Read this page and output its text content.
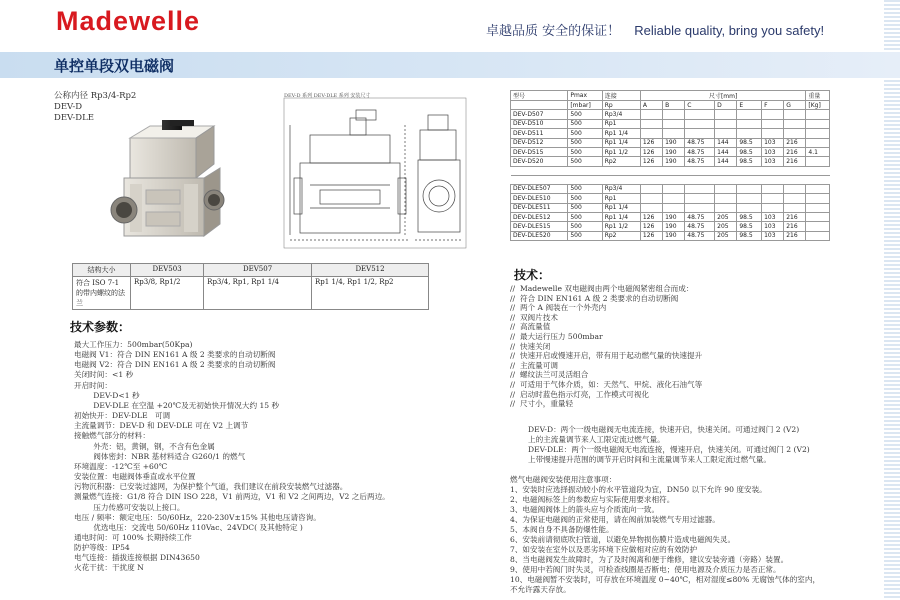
Madewelle	卓越品质 安全的保证！ Reliable quality, bring you safety!
单控单段双电磁阀
公称内径 Rp3/4-Rp2
DEV-D
DEV-DLE
DEV-D 系列 DEV-DLE 系列 安装尺寸
结构大小	DEV503	DEV507	DEV512
符合 ISO 7-1 的带内螺纹的法兰	Rp3/8, Rp1/2	Rp3/4, Rp1, Rp1 1/4	Rp1 1/4, Rp1 1/2, Rp2
型号	Pmax	连接	尺寸[mm]							重量
	[mbar]	Rp	A	B	C	D	E	F	G	[Kg]
DEV-D507	500	Rp3/4								
DEV-D510	500	Rp1								
DEV-D511	500	Rp1 1/4								
DEV-D512	500	Rp1 1/4	126	190	48.75	144	98.5	103	216	
DEV-D515	500	Rp1 1/2	126	190	48.75	144	98.5	103	216	4.1
DEV-D520	500	Rp2	126	190	48.75	144	98.5	103	216	

DEV-DLE507	500	Rp3/4								
DEV-DLE510	500	Rp1								
DEV-DLE511	500	Rp1 1/4								
DEV-DLE512	500	Rp1 1/4	126	190	48.75	205	98.5	103	216	
DEV-DLE515	500	Rp1 1/2	126	190	48.75	205	98.5	103	216	
DEV-DLE520	500	Rp2	126	190	48.75	205	98.5	103	216	
技术参数：
最大工作压力：500mbar(50Kpa)
电磁阀 V1：符合 DIN EN161 A 级 2 类要求的自动切断阀
电磁阀 V2：符合 DIN EN161 A 级 2 类要求的自动切断阀
关闭时间：<1 秒
开启时间：
DEV-D<1 秒
DEV-DLE 在空温 +20℃及无初始快开情况大约 15 秒
初始快开：DEV-DLE   可调
主流量调节：DEV-D 和 DEV-DLE 可在 V2 上调节
接触燃气部分的材料：
外壳：铝，黄铜，钢，不含有色金属
阀体密封：NBR 基材料适合 G260/1 的燃气
环境温度：-12℃至 +60℃
安装位置：电磁阀体垂直或水平位置
污物沉积器：已安装过滤网，为保护整个气道，我们建议在前段安装燃气过滤器。
测量燃气连接：G1/8 符合 DIN ISO 228，V1 前两边，V1 和 V2 之间两边，V2 之后两边。
压力传感可安装以上接口。
电压 / 频率：额定电压：50/60Hz，220-230V±15% 其他电压请咨询。
优选电压：交流电 50/60Hz 110Vac、24VDC( 及其他特定 )
通电时间：可 100% 长期持续工作
防护等级：IP54
电气连接：插拔连接根据 DIN43650
火花干扰：干扰度 N
技术：
//  Madewelle 双电磁阀由两个电磁阀紧密组合而成：
//  符合 DIN EN161 A 级 2 类要求的自动切断阀
//  两个 A 阀装在一个外壳内
//  双阀片技术
//  高流量值
//  最大运行压力 500mbar
//  快速关闭
//  快速开启或慢速开启，带有用于起动燃气量的快速提升
//  主流量可调
//  螺纹法兰可灵活组合
//  可适用于气体介质，如：天然气、甲烷、液化石油气等
//  启动时蓝色指示灯亮，工作模式可视化
//  尺寸小，重量轻
DEV-D：两个一级电磁阀无电流连接，快速开启，快速关闭。可通过阀门 2 (V2)
上的主流量调节来人工限定流过燃气量。
DEV-DLE：两个一级电磁阀无电流连接，慢速开启，快速关闭。可通过阀门 2 (V2)
上带慢速提升范围的调节开启时间和主流量调节来人工限定流过燃气量。
燃气电磁阀安装使用注意事项：
1、安装时应选择振动较小的水平管道段为宜，DN50 以下允许 90 度安装。
2、电磁阀标签上的参数应与实际使用要求相符。
3、电磁阀阀体上的箭头应与介质流向一致。
4、为保证电磁阀的正常使用，请在阀前加装燃气专用过滤器。
5、本阀自身不具备防爆性能。
6、安装前请彻底吹扫管道，以避免异物损伤膜片造成电磁阀失灵。
7、如安装在室外以及恶劣环境下应做相对应的有效防护
8、当电磁阀发生故障时，为了及时阀离和便于维修，建议安装旁通（旁路）装置。
9、使用中若阀门时失灵，可检查线圈是否断电；使用电源及介质压力是否正常。
10、电磁阀暂不安装时，可存放在环境温度 0~40℃，相对湿度≤80% 无腐蚀气体的室内，
不允许露天存放。
